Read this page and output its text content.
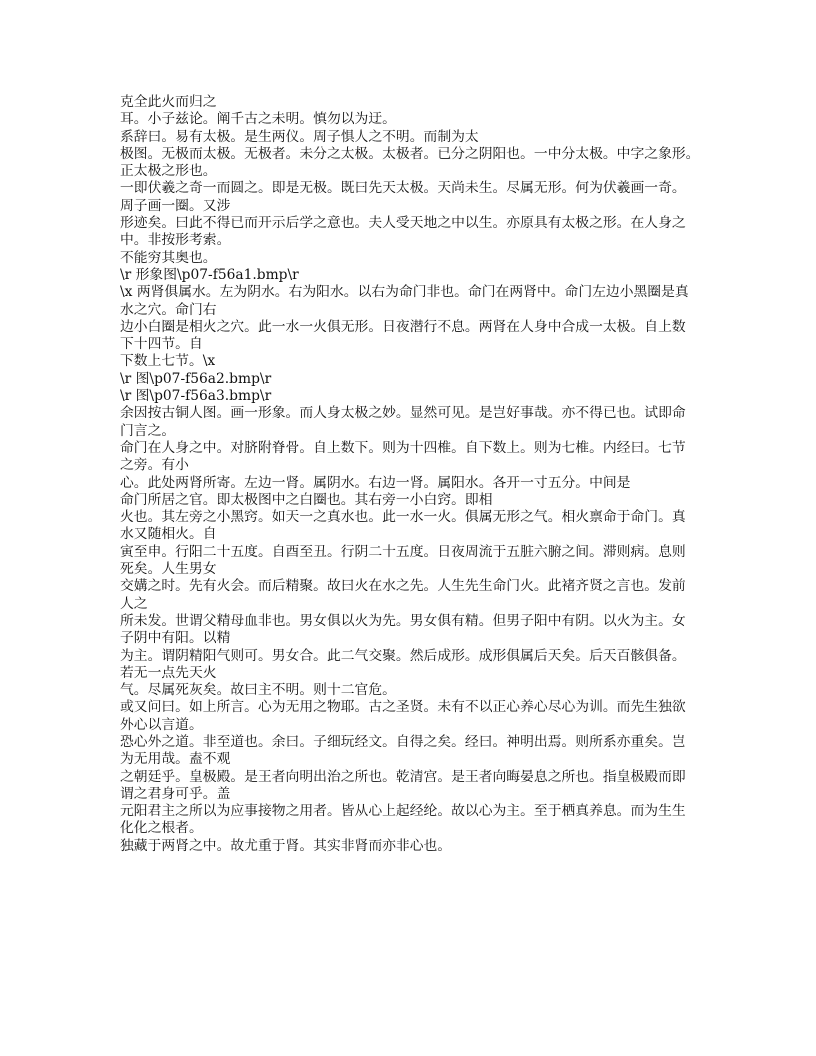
克全此火而归之
耳。小子兹论。阐千古之未明。慎勿以为迂。
系辞曰。易有太极。是生两仪。周子惧人之不明。而制为太
极图。无极而太极。无极者。未分之太极。太极者。已分之阴阳也。一中分太极。中字之象形。
正太极之形也。
一即伏羲之奇一而圆之。即是无极。既曰先天太极。天尚未生。尽属无形。何为伏羲画一奇。
周子画一圈。又涉
形迹矣。曰此不得已而开示后学之意也。夫人受天地之中以生。亦原具有太极之形。在人身之
中。非按形考索。
不能穷其奥也。
\r 形象图\p07-f56a1.bmp\r
\x 两肾俱属水。左为阴水。右为阳水。以右为命门非也。命门在两肾中。命门左边小黑圈是真
水之穴。命门右
边小白圈是相火之穴。此一水一火俱无形。日夜潜行不息。两肾在人身中合成一太极。自上数
下十四节。自
下数上七节。\x
\r 图\p07-f56a2.bmp\r
\r 图\p07-f56a3.bmp\r
余因按古铜人图。画一形象。而人身太极之妙。显然可见。是岂好事哉。亦不得已也。试即命
门言之。
命门在人身之中。对脐附脊骨。自上数下。则为十四椎。自下数上。则为七椎。内经曰。七节
之旁。有小
心。此处两肾所寄。左边一肾。属阴水。右边一肾。属阳水。各开一寸五分。中间是
命门所居之官。即太极图中之白圈也。其右旁一小白窍。即相
火也。其左旁之小黑窍。如天一之真水也。此一水一火。俱属无形之气。相火禀命于命门。真
水又随相火。自
寅至申。行阳二十五度。自酉至丑。行阴二十五度。日夜周流于五脏六腑之间。滞则病。息则
死矣。人生男女
交媾之时。先有火会。而后精聚。故曰火在水之先。人生先生命门火。此褚齐贤之言也。发前
人之
所未发。世谓父精母血非也。男女俱以火为先。男女俱有精。但男子阳中有阴。以火为主。女
子阴中有阳。以精
为主。谓阴精阳气则可。男女合。此二气交聚。然后成形。成形俱属后天矣。后天百骸俱备。
若无一点先天火
气。尽属死灰矣。故曰主不明。则十二官危。
或又问曰。如上所言。心为无用之物耶。古之圣贤。未有不以正心养心尽心为训。而先生独欲
外心以言道。
恐心外之道。非至道也。余曰。子细玩经文。自得之矣。经曰。神明出焉。则所系亦重矣。岂
为无用哉。盍不观
之朝廷乎。皇极殿。是王者向明出治之所也。乾清宫。是王者向晦晏息之所也。指皇极殿而即
谓之君身可乎。盖
元阳君主之所以为应事接物之用者。皆从心上起经纶。故以心为主。至于栖真养息。而为生生
化化之根者。
独藏于两肾之中。故尤重于肾。其实非肾而亦非心也。
